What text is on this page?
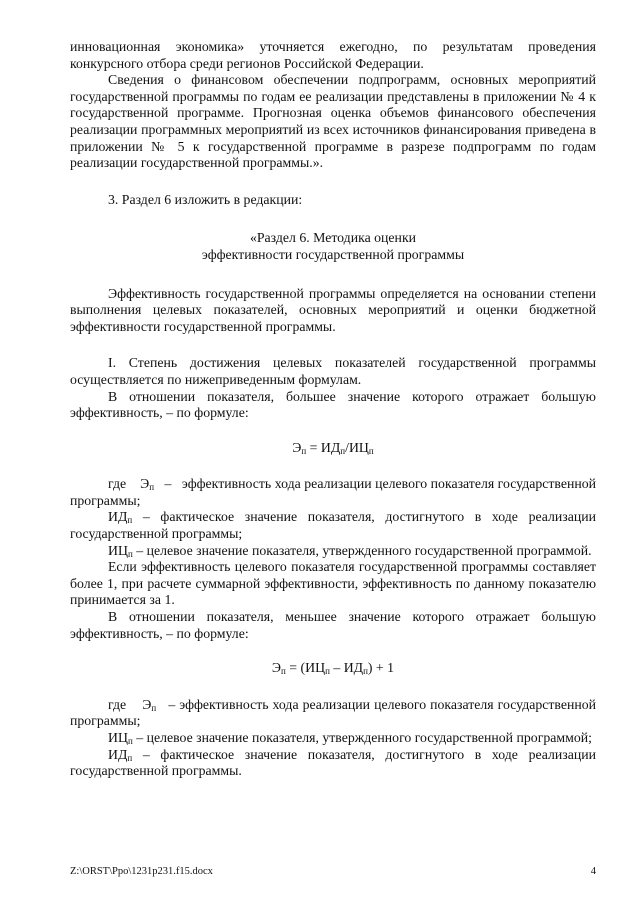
инновационная экономика» уточняется ежегодно, по результатам проведения конкурсного отбора среди регионов Российской Федерации.

Сведения о финансовом обеспечении подпрограмм, основных мероприятий государственной программы по годам ее реализации представлены в приложении № 4 к государственной программе. Прогнозная оценка объемов финансового обеспечения реализации программных мероприятий из всех источников финансирования приведена в приложении № 5 к государственной программе в разрезе подпрограмм по годам реализации государственной программы.».

3. Раздел 6 изложить в редакции:

«Раздел 6. Методика оценки

эффективности государственной программы

Эффективность государственной программы определяется на основании степени выполнения целевых показателей, основных мероприятий и оценки бюджетной эффективности государственной программы.

I. Степень достижения целевых показателей государственной программы осуществляется по нижеприведенным формулам.

В отношении показателя, большее значение которого отражает большую эффективность, – по формуле:

$Э_п = ИД_п/ИЦ_п$

где $Э_п$ – эффективность хода реализации целевого показателя государственной программы;

$ИД_п$ – фактическое значение показателя, достигнутого в ходе реализации государственной программы;

$ИЦ_п$ – целевое значение показателя, утвержденного государственной программой.

Если эффективность целевого показателя государственной программы составляет более 1, при расчете суммарной эффективности, эффективность по данному показателю принимается за 1.

В отношении показателя, меньшее значение которого отражает большую эффективность, – по формуле:

$Э_п = (ИЦ_п - ИД_п) + 1$

где $Э_п$ – эффективность хода реализации целевого показателя государственной программы;

$ИЦ_п$ – целевое значение показателя, утвержденного государственной программой;

$ИД_п$ – фактическое значение показателя, достигнутого в ходе реализации государственной программы.

Z:\ORST\Ppo\1231p231.f15.docx	4
